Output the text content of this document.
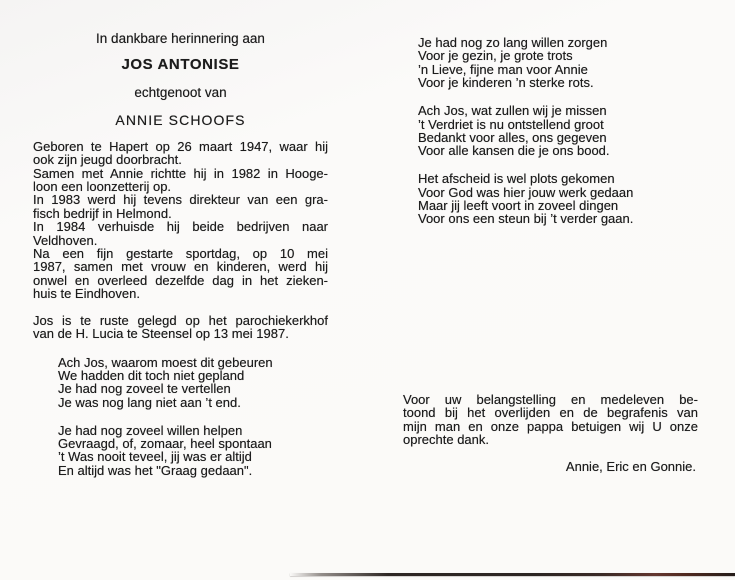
In dankbare herinnering aan
JOS ANTONISE
echtgenoot van
ANNIE SCHOOFS
Geboren te Hapert op 26 maart 1947, waar hij
ook zijn jeugd doorbracht.
Samen met Annie richtte hij in 1982 in Hooge-
loon een loonzetterij op.
In 1983 werd hij tevens direkteur van een gra-
fisch bedrijf in Helmond.
In 1984 verhuisde hij beide bedrijven naar
Veldhoven.
Na een fijn gestarte sportdag, op 10 mei
1987, samen met vrouw en kinderen, werd hij
onwel en overleed dezelfde dag in het zieken-
huis te Eindhoven.
Jos is te ruste gelegd op het parochiekerkhof
van de H. Lucia te Steensel op 13 mei 1987.
Ach Jos, waarom moest dit gebeuren
We hadden dit toch niet gepland
Je had nog zoveel te vertellen
Je was nog lang niet aan ’t end.
Je had nog zoveel willen helpen
Gevraagd, of, zomaar, heel spontaan
’t Was nooit teveel, jij was er altijd
En altijd was het "Graag gedaan".
Je had nog zo lang willen zorgen
Voor je gezin, je grote trots
’n Lieve, fijne man voor Annie
Voor je kinderen ’n sterke rots.
Ach Jos, wat zullen wij je missen
’t Verdriet is nu ontstellend groot
Bedankt voor alles, ons gegeven
Voor alle kansen die je ons bood.
Het afscheid is wel plots gekomen
Voor God was hier jouw werk gedaan
Maar jij leeft voort in zoveel dingen
Voor ons een steun bij ’t verder gaan.
Voor uw belangstelling en medeleven be-
toond bij het overlijden en de begrafenis van
mijn man en onze pappa betuigen wij U onze
oprechte dank.
Annie, Eric en Gonnie.
